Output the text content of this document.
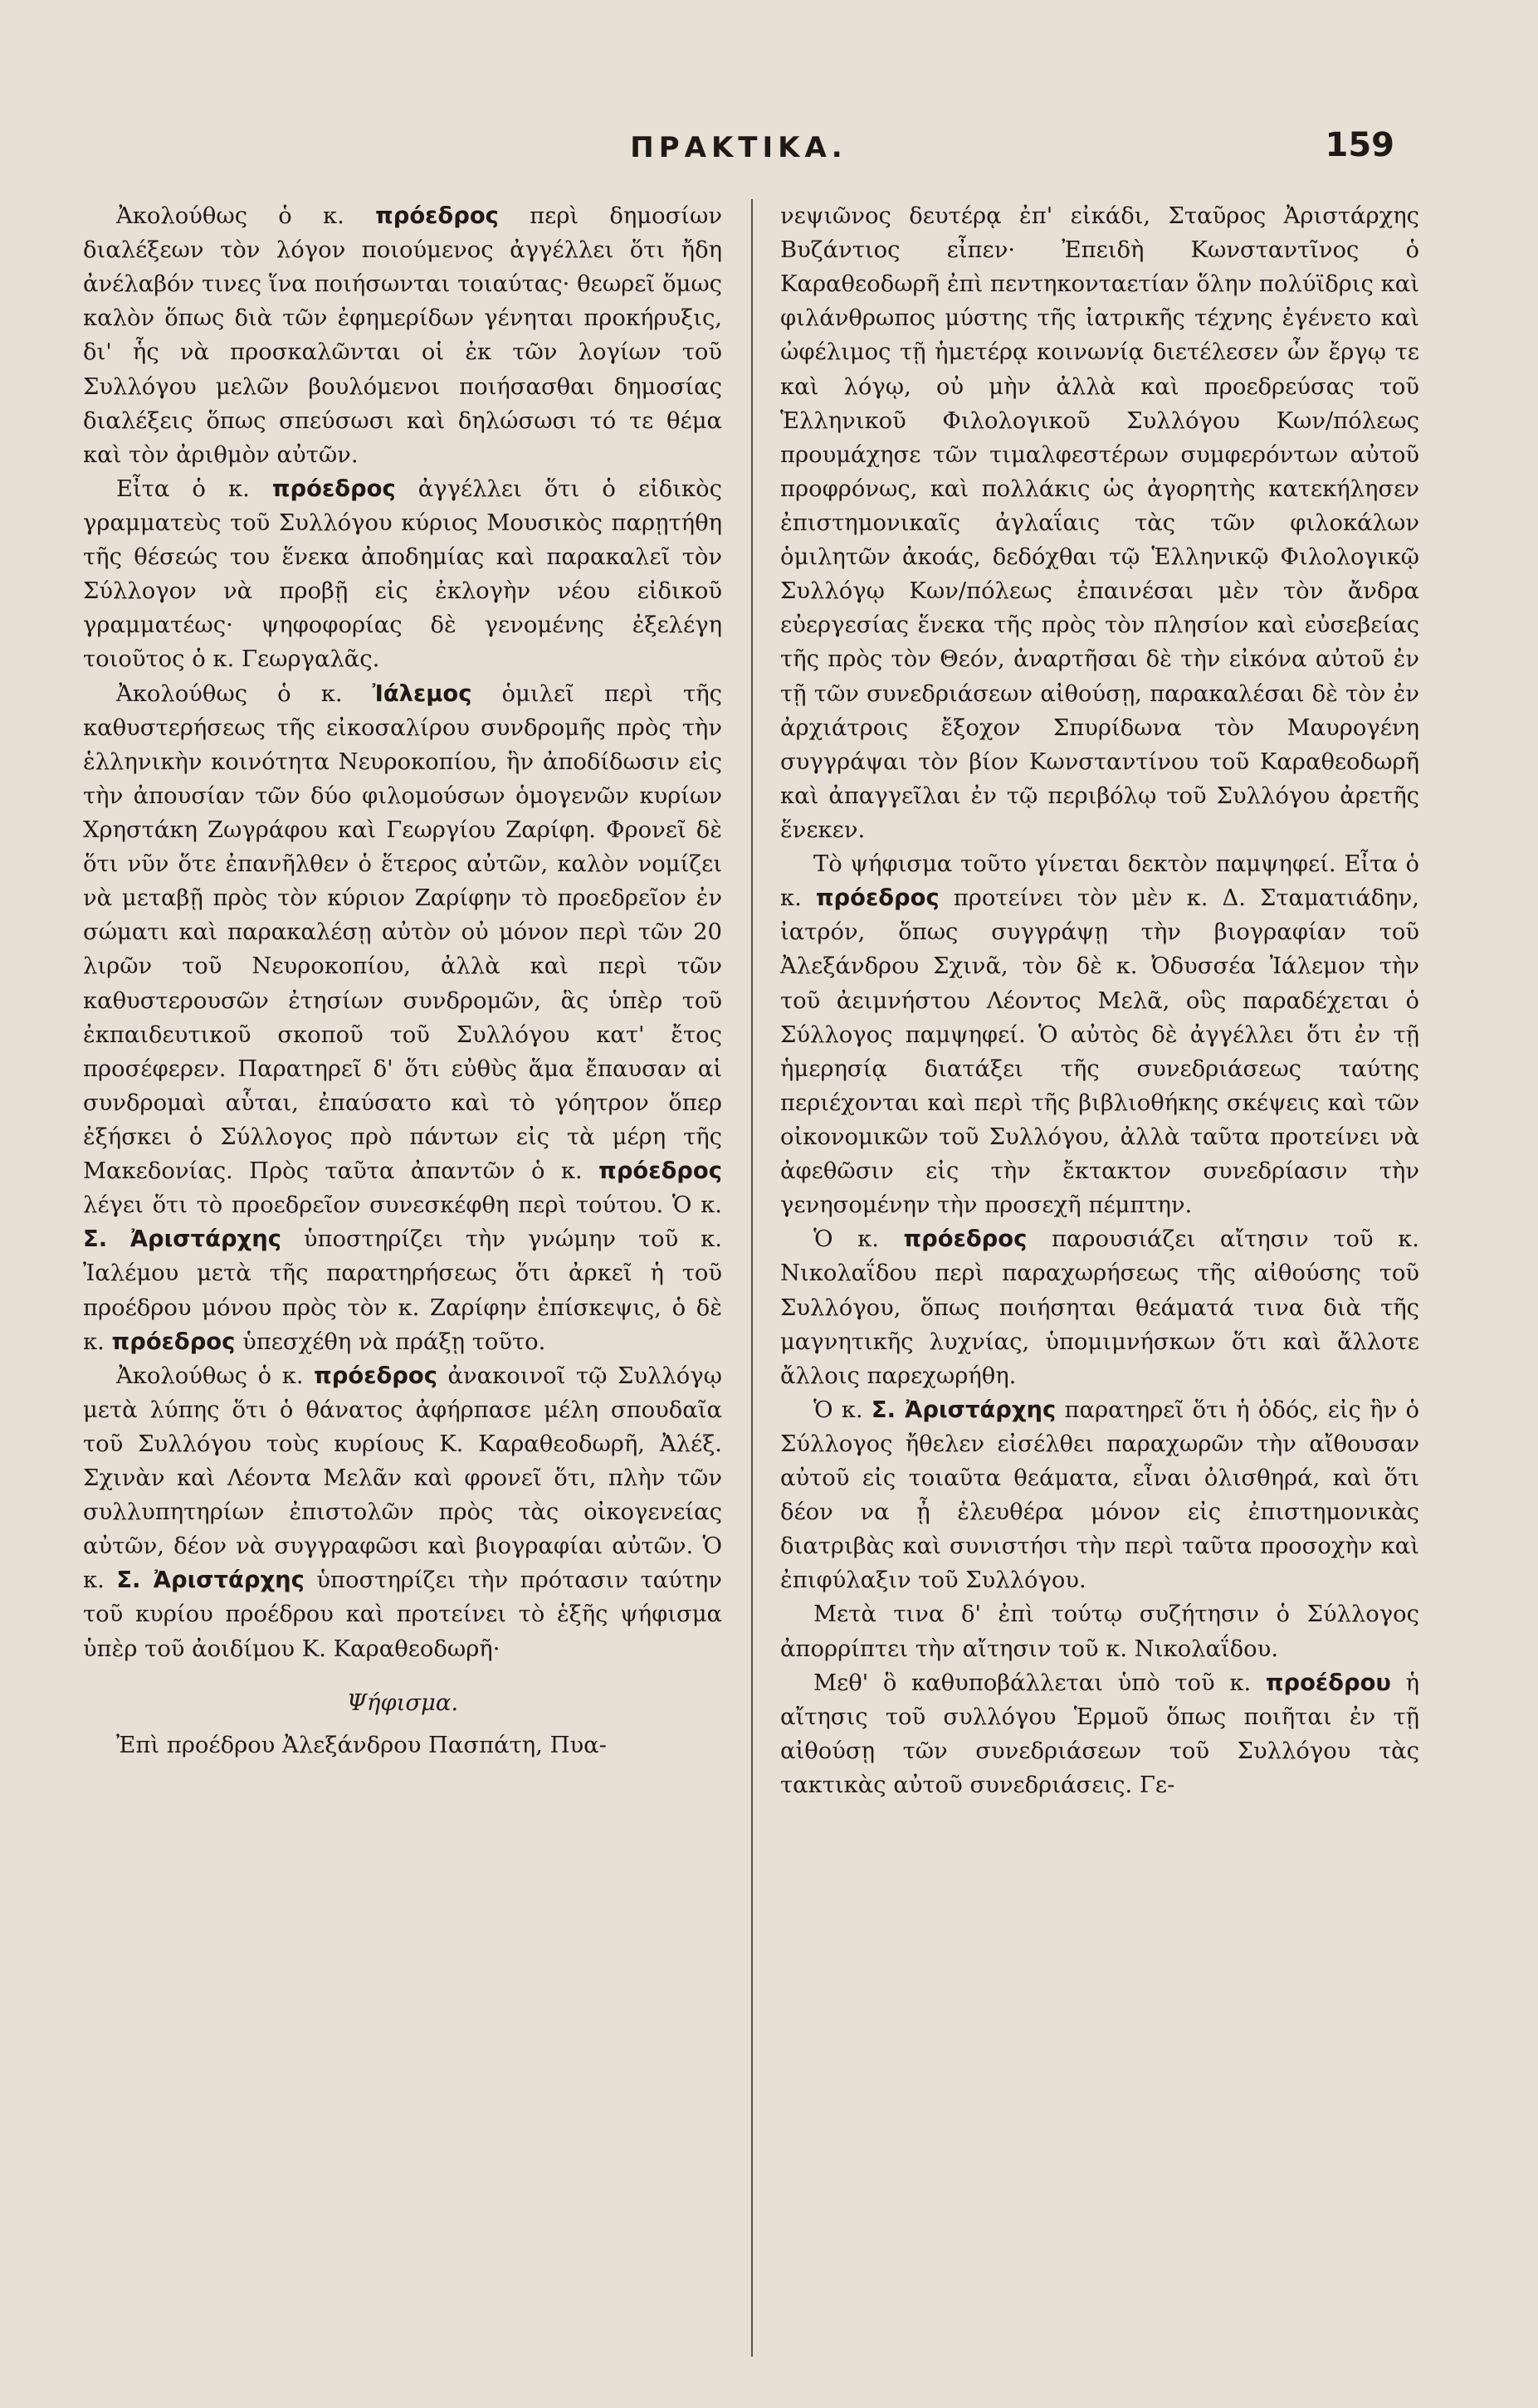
ΠΡΑΚΤΙΚΑ.	159

Ἀκολούθως ὁ κ. πρόεδρος περὶ δημοσίων διαλέξεων τὸν λόγον ποιούμενος ἀγγέλλει ὅτι ἤδη ἀνέλαβόν τινες ἵνα ποιήσωνται τοιαύτας· θεωρεῖ ὅμως καλὸν ὅπως διὰ τῶν ἐφημερίδων γένηται προκήρυξις, δι' ἧς νὰ προσκαλῶνται οἱ ἐκ τῶν λογίων τοῦ Συλλόγου μελῶν βουλόμενοι ποιήσασθαι δημοσίας διαλέξεις ὅπως σπεύσωσι καὶ δηλώσωσι τό τε θέμα καὶ τὸν ἀριθμὸν αὐτῶν.

Εἶτα ὁ κ. πρόεδρος ἀγγέλλει ὅτι ὁ εἰδικὸς γραμματεὺς τοῦ Συλλόγου κύριος Μουσικὸς παρῃτήθη τῆς θέσεώς του ἕνεκα ἀποδημίας καὶ παρακαλεῖ τὸν Σύλλογον νὰ προβῇ εἰς ἐκλογὴν νέου εἰδικοῦ γραμματέως· ψηφοφορίας δὲ γενομένης ἐξελέγη τοιοῦτος ὁ κ. Γεωργαλᾶς.

Ἀκολούθως ὁ κ. Ἰάλεμος ὁμιλεῖ περὶ τῆς καθυστερήσεως τῆς εἰκοσαλίρου συνδρομῆς πρὸς τὴν ἑλληνικὴν κοινότητα Νευροκοπίου, ἣν ἀποδίδωσιν εἰς τὴν ἀπουσίαν τῶν δύο φιλομούσων ὁμογενῶν κυρίων Χρηστάκη Ζωγράφου καὶ Γεωργίου Ζαρίφη. Φρονεῖ δὲ ὅτι νῦν ὅτε ἐπανῆλθεν ὁ ἕτερος αὐτῶν, καλὸν νομίζει νὰ μεταβῇ πρὸς τὸν κύριον Ζαρίφην τὸ προεδρεῖον ἐν σώματι καὶ παρακαλέσῃ αὐτὸν οὐ μόνον περὶ τῶν 20 λιρῶν τοῦ Νευροκοπίου, ἀλλὰ καὶ περὶ τῶν καθυστερουσῶν ἐτησίων συνδρομῶν, ἃς ὑπὲρ τοῦ ἐκπαιδευτικοῦ σκοποῦ τοῦ Συλλόγου κατ' ἔτος προσέφερεν. Παρατηρεῖ δ' ὅτι εὐθὺς ἅμα ἔπαυσαν αἱ συνδρομαὶ αὗται, ἐπαύσατο καὶ τὸ γόητρον ὅπερ ἐξήσκει ὁ Σύλλογος πρὸ πάντων εἰς τὰ μέρη τῆς Μακεδονίας. Πρὸς ταῦτα ἀπαντῶν ὁ κ. πρόεδρος λέγει ὅτι τὸ προεδρεῖον συνεσκέφθη περὶ τούτου. Ὁ κ. Σ. Ἀριστάρχης ὑποστηρίζει τὴν γνώμην τοῦ κ. Ἰαλέμου μετὰ τῆς παρατηρήσεως ὅτι ἀρκεῖ ἡ τοῦ προέδρου μόνου πρὸς τὸν κ. Ζαρίφην ἐπίσκεψις, ὁ δὲ κ. πρόεδρος ὑπεσχέθη νὰ πράξῃ τοῦτο.

Ἀκολούθως ὁ κ. πρόεδρος ἀνακοινοῖ τῷ Συλλόγῳ μετὰ λύπης ὅτι ὁ θάνατος ἀφήρπασε μέλη σπουδαῖα τοῦ Συλλόγου τοὺς κυρίους Κ. Καραθεοδωρῆ, Ἀλέξ. Σχινὰν καὶ Λέοντα Μελᾶν καὶ φρονεῖ ὅτι, πλὴν τῶν συλλυπητηρίων ἐπιστολῶν πρὸς τὰς οἰκογενείας αὐτῶν, δέον νὰ συγγραφῶσι καὶ βιογραφίαι αὐτῶν. Ὁ κ. Σ. Ἀριστάρχης ὑποστηρίζει τὴν πρότασιν ταύτην τοῦ κυρίου προέδρου καὶ προτείνει τὸ ἑξῆς ψήφισμα ὑπὲρ τοῦ ἀοιδίμου Κ. Καραθεοδωρῆ·

Ψήφισμα.

Ἐπὶ προέδρου Ἀλεξάνδρου Πασπάτη, Πυα-

νεψιῶνος δευτέρᾳ ἐπ' εἰκάδι, Σταῦρος Ἀριστάρχης Βυζάντιος εἶπεν· Ἐπειδὴ Κωνσταντῖνος ὁ Καραθεοδωρῆ ἐπὶ πεντηκονταετίαν ὅλην πολύϊδρις καὶ φιλάνθρωπος μύστης τῆς ἰατρικῆς τέχνης ἐγένετο καὶ ὠφέλιμος τῇ ἡμετέρᾳ κοινωνίᾳ διετέλεσεν ὧν ἔργῳ τε καὶ λόγῳ, οὐ μὴν ἀλλὰ καὶ προεδρεύσας τοῦ Ἑλληνικοῦ Φιλολογικοῦ Συλλόγου Κων/πόλεως προυμάχησε τῶν τιμαλφεστέρων συμφερόντων αὐτοῦ προφρόνως, καὶ πολλάκις ὡς ἀγορητὴς κατεκήλησεν ἐπιστημονικαῖς ἀγλαΐαις τὰς τῶν φιλοκάλων ὁμιλητῶν ἀκοάς, δεδόχθαι τῷ Ἑλληνικῷ Φιλολογικῷ Συλλόγῳ Κων/πόλεως ἐπαινέσαι μὲν τὸν ἄνδρα εὐεργεσίας ἕνεκα τῆς πρὸς τὸν πλησίον καὶ εὐσεβείας τῆς πρὸς τὸν Θεόν, ἀναρτῆσαι δὲ τὴν εἰκόνα αὐτοῦ ἐν τῇ τῶν συνεδριάσεων αἰθούσῃ, παρακαλέσαι δὲ τὸν ἐν ἀρχιάτροις ἔξοχον Σπυρίδωνα τὸν Μαυρογένη συγγράψαι τὸν βίον Κωνσταντίνου τοῦ Καραθεοδωρῆ καὶ ἀπαγγεῖλαι ἐν τῷ περιβόλῳ τοῦ Συλλόγου ἀρετῆς ἕνεκεν.

Τὸ ψήφισμα τοῦτο γίνεται δεκτὸν παμψηφεί. Εἶτα ὁ κ. πρόεδρος προτείνει τὸν μὲν κ. Δ. Σταματιάδην, ἰατρόν, ὅπως συγγράψῃ τὴν βιογραφίαν τοῦ Ἀλεξάνδρου Σχινᾶ, τὸν δὲ κ. Ὀδυσσέα Ἰάλεμον τὴν τοῦ ἀειμνήστου Λέοντος Μελᾶ, οὓς παραδέχεται ὁ Σύλλογος παμψηφεί. Ὁ αὐτὸς δὲ ἀγγέλλει ὅτι ἐν τῇ ἡμερησίᾳ διατάξει τῆς συνεδριάσεως ταύτης περιέχονται καὶ περὶ τῆς βιβλιοθήκης σκέψεις καὶ τῶν οἰκονομικῶν τοῦ Συλλόγου, ἀλλὰ ταῦτα προτείνει νὰ ἀφεθῶσιν εἰς τὴν ἔκτακτον συνεδρίασιν τὴν γενησομένην τὴν προσεχῆ πέμπτην.

Ὁ κ. πρόεδρος παρουσιάζει αἴτησιν τοῦ κ. Νικολαΐδου περὶ παραχωρήσεως τῆς αἰθούσης τοῦ Συλλόγου, ὅπως ποιήσηται θεάματά τινα διὰ τῆς μαγνητικῆς λυχνίας, ὑπομιμνήσκων ὅτι καὶ ἄλλοτε ἄλλοις παρεχωρήθη.

Ὁ κ. Σ. Ἀριστάρχης παρατηρεῖ ὅτι ἡ ὁδός, εἰς ἣν ὁ Σύλλογος ἤθελεν εἰσέλθει παραχωρῶν τὴν αἴθουσαν αὐτοῦ εἰς τοιαῦτα θεάματα, εἶναι ὀλισθηρά, καὶ ὅτι δέον να ᾖ ἐλευθέρα μόνον εἰς ἐπιστημονικὰς διατριβὰς καὶ συνιστήσι τὴν περὶ ταῦτα προσοχὴν καὶ ἐπιφύλαξιν τοῦ Συλλόγου.

Μετὰ τινα δ' ἐπὶ τούτῳ συζήτησιν ὁ Σύλλογος ἀπορρίπτει τὴν αἴτησιν τοῦ κ. Νικολαΐδου.

Μεθ' ὃ καθυποβάλλεται ὑπὸ τοῦ κ. προέδρου ἡ αἴτησις τοῦ συλλόγου Ἑρμοῦ ὅπως ποιῆται ἐν τῇ αἰθούσῃ τῶν συνεδριάσεων τοῦ Συλλόγου τὰς τακτικὰς αὐτοῦ συνεδριάσεις. Γε-
